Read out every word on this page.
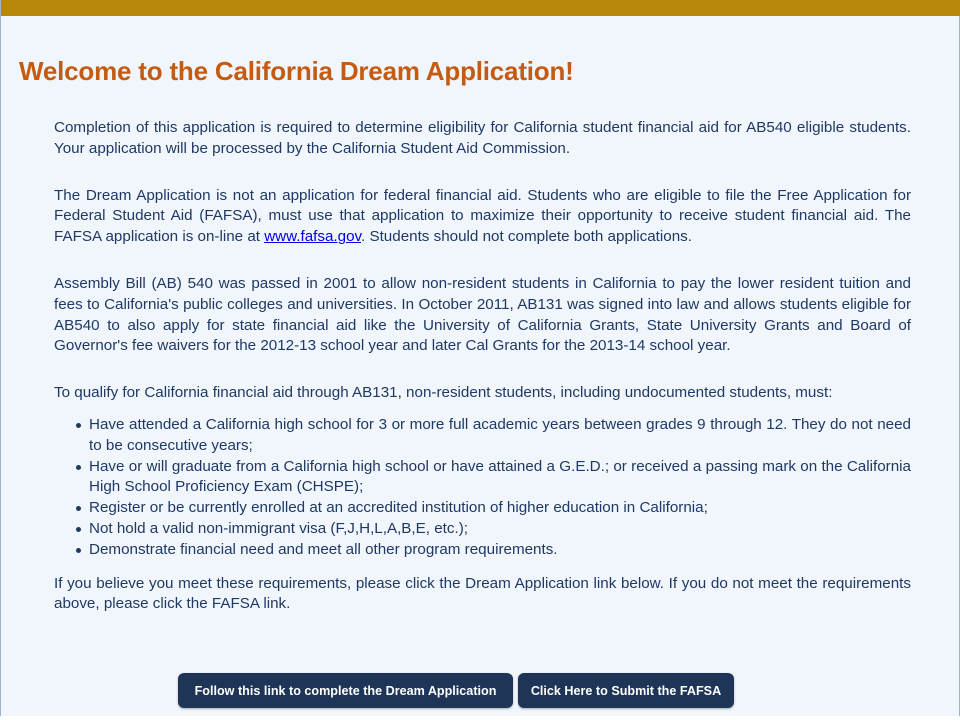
Welcome to the California Dream Application!

Completion of this application is required to determine eligibility for California student financial aid for AB540 eligible students. Your application will be processed by the California Student Aid Commission.

The Dream Application is not an application for federal financial aid. Students who are eligible to file the Free Application for Federal Student Aid (FAFSA), must use that application to maximize their opportunity to receive student financial aid. The FAFSA application is on-line at www.fafsa.gov. Students should not complete both applications.

Assembly Bill (AB) 540 was passed in 2001 to allow non-resident students in California to pay the lower resident tuition and fees to California's public colleges and universities. In October 2011, AB131 was signed into law and allows students eligible for AB540 to also apply for state financial aid like the University of California Grants, State University Grants and Board of Governor's fee waivers for the 2012-13 school year and later Cal Grants for the 2013-14 school year.

To qualify for California financial aid through AB131, non-resident students, including undocumented students, must:

Have attended a California high school for 3 or more full academic years between grades 9 through 12. They do not need to be consecutive years;
Have or will graduate from a California high school or have attained a G.E.D.; or received a passing mark on the California High School Proficiency Exam (CHSPE);
Register or be currently enrolled at an accredited institution of higher education in California;
Not hold a valid non-immigrant visa (F,J,H,L,A,B,E, etc.);
Demonstrate financial need and meet all other program requirements.

If you believe you meet these requirements, please click the Dream Application link below. If you do not meet the requirements above, please click the FAFSA link.

Follow this link to complete the Dream Application	Click Here to Submit the FAFSA
